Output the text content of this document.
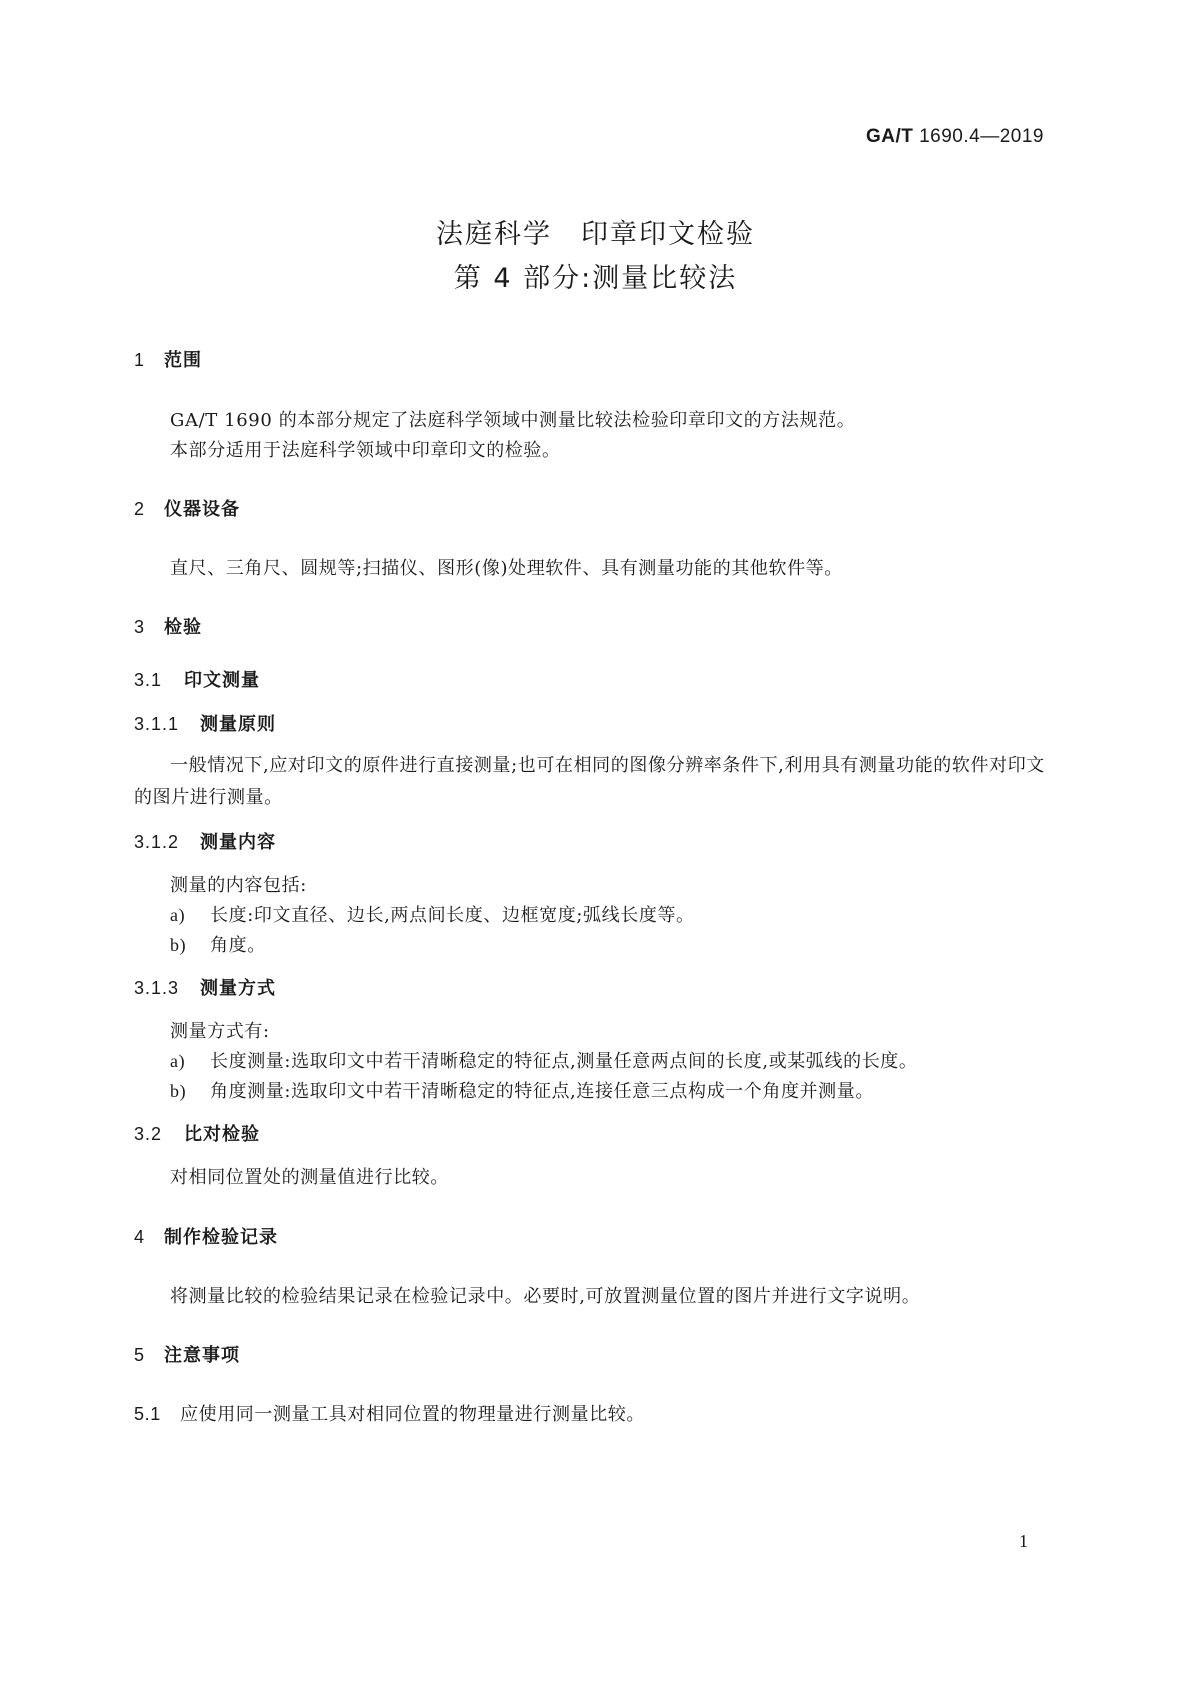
GA/T 1690.4—2019
法庭科学　印章印文检验
第 4 部分:测量比较法
1 范围
GA/T 1690 的本部分规定了法庭科学领域中测量比较法检验印章印文的方法规范。
本部分适用于法庭科学领域中印章印文的检验。
2 仪器设备
直尺、三角尺、圆规等;扫描仪、图形(像)处理软件、具有测量功能的其他软件等。
3 检验
3.1 印文测量
3.1.1 测量原则
一般情况下,应对印文的原件进行直接测量;也可在相同的图像分辨率条件下,利用具有测量功能的软件对印文的图片进行测量。
3.1.2 测量内容
测量的内容包括:
a) 长度:印文直径、边长,两点间长度、边框宽度;弧线长度等。
b) 角度。
3.1.3 测量方式
测量方式有:
a) 长度测量:选取印文中若干清晰稳定的特征点,测量任意两点间的长度,或某弧线的长度。
b) 角度测量:选取印文中若干清晰稳定的特征点,连接任意三点构成一个角度并测量。
3.2 比对检验
对相同位置处的测量值进行比较。
4 制作检验记录
将测量比较的检验结果记录在检验记录中。必要时,可放置测量位置的图片并进行文字说明。
5 注意事项
5.1 应使用同一测量工具对相同位置的物理量进行测量比较。
1
